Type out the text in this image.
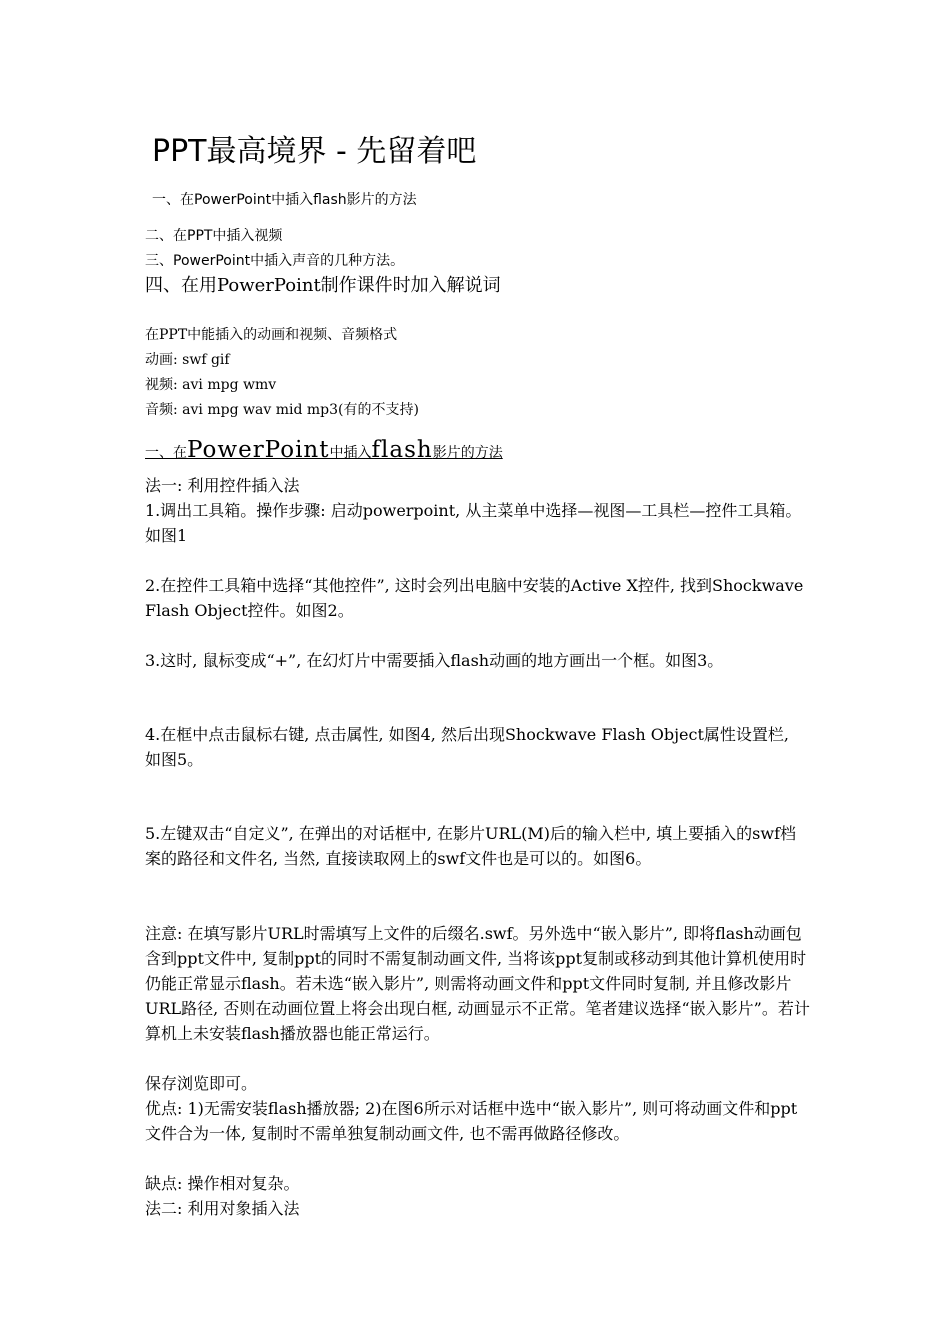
PPT最高境界 - 先留着吧
一、在PowerPoint中插入flash影片的方法
二、在PPT中插入视频
三、PowerPoint中插入声音的几种方法。
四、在用PowerPoint制作课件时加入解说词
在PPT中能插入的动画和视频、音频格式
动画: swf gif
视频: avi mpg wmv
音频: avi mpg wav mid mp3(有的不支持)
一、在PowerPoint中插入flash影片的方法

法一: 利用控件插入法

1.调出工具箱。操作步骤: 启动powerpoint, 从主菜单中选择—视图—工具栏—控件工具箱。如图1

2.在控件工具箱中选择“其他控件”, 这时会列出电脑中安装的Active X控件, 找到Shockwave Flash Object控件。如图2。

3.这时, 鼠标变成“+”, 在幻灯片中需要插入flash动画的地方画出一个框。如图3。

4.在框中点击鼠标右键, 点击属性, 如图4, 然后出现Shockwave Flash Object属性设置栏, 如图5。

5.左键双击“自定义”, 在弹出的对话框中, 在影片URL(M)后的输入栏中, 填上要插入的swf档案的路径和文件名, 当然, 直接读取网上的swf文件也是可以的。如图6。

注意: 在填写影片URL时需填写上文件的后缀名.swf。另外选中“嵌入影片”, 即将flash动画包含到ppt文件中, 复制ppt的同时不需复制动画文件, 当将该ppt复制或移动到其他计算机使用时仍能正常显示flash。若未选“嵌入影片”, 则需将动画文件和ppt文件同时复制, 并且修改影片URL路径, 否则在动画位置上将会出现白框, 动画显示不正常。笔者建议选择“嵌入影片”。若计算机上未安装flash播放器也能正常运行。

保存浏览即可。

优点: 1)无需安装flash播放器; 2)在图6所示对话框中选中“嵌入影片”, 则可将动画文件和ppt文件合为一体, 复制时不需单独复制动画文件, 也不需再做路径修改。

缺点: 操作相对复杂。

法二: 利用对象插入法
